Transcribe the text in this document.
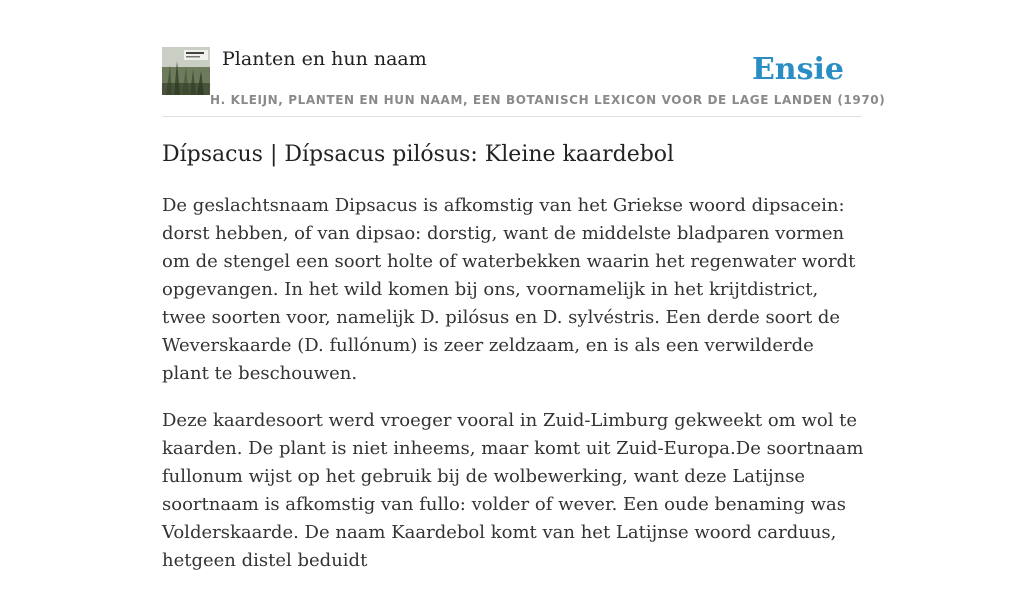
Planten en hun naam
H. KLEIJN, PLANTEN EN HUN NAAM, EEN BOTANISCH LEXICON VOOR DE LAGE LANDEN (1970)
Ensie
Dípsacus | Dípsacus pilósus: Kleine kaardebol

De geslachtsnaam Dipsacus is afkomstig van het Griekse woord dipsacein: dorst hebben, of van dipsao: dorstig, want de middelste bladparen vormen om de stengel een soort holte of waterbekken waarin het regenwater wordt opgevangen. In het wild komen bij ons, voornamelijk in het krijtdistrict, twee soorten voor, namelijk D. pilósus en D. sylvéstris. Een derde soort de Weverskaarde (D. fullónum) is zeer zeldzaam, en is als een verwilderde plant te beschouwen.

Deze kaardesoort werd vroeger vooral in Zuid-Limburg gekweekt om wol te kaarden. De plant is niet inheems, maar komt uit Zuid-Europa.De soortnaam fullonum wijst op het gebruik bij de wolbewerking, want deze Latijnse soortnaam is afkomstig van fullo: volder of wever. Een oude benaming was Volderskaarde. De naam Kaardebol komt van het Latijnse woord carduus, hetgeen distel beduidt
